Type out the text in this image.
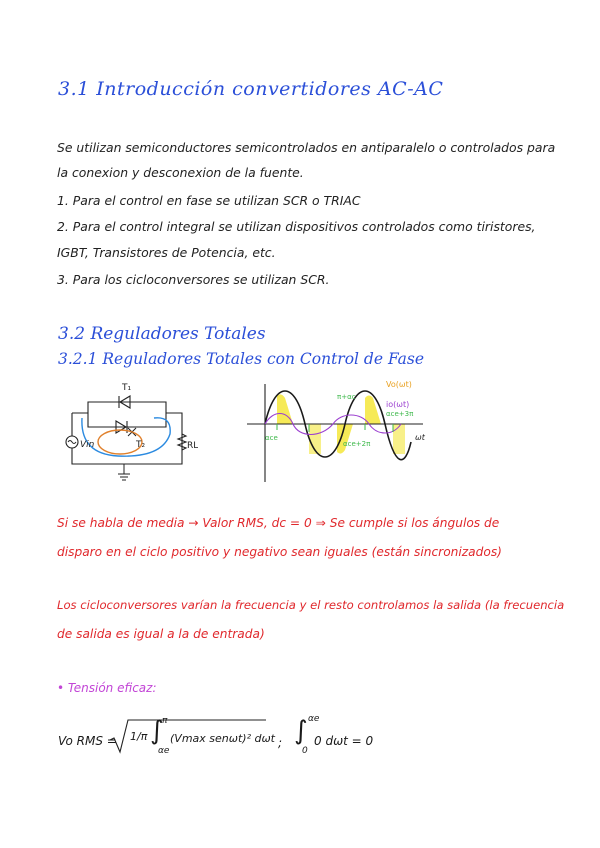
3.1 Introducción convertidores AC-AC
Se utilizan semiconductores semicontrolados en antiparalelo o controlados para
la conexion y desconexion de la fuente.
1. Para el control en fase se utilizan SCR o TRIAC
2. Para el control integral se utilizan dispositivos controlados como tiristores,
IGBT, Transistores de Potencia, etc.
3. Para los cicloconversores se utilizan SCR.
3.2 Reguladores Totales
3.2.1 Reguladores Totales con Control de Fase
T₁
T₂
Vin	RL
π+αc
αce
αce+2π
Vo(ωt)
io(ωt)
αce+3π
ωt
Si se habla de media → Valor RMS, dc = 0 ⇒ Se cumple si los ángulos de
disparo en el ciclo positivo y negativo sean iguales (están sincronizados)
Los cicloconversores varían la frecuencia y el resto controlamos la salida (la frecuencia
de salida es igual a la de entrada)
• Tensión eficaz:
Vo RMS = 1/π ∫
π
αe
(Vmax senωt)² dωt ; ∫ αe
0
0 dωt = 0
